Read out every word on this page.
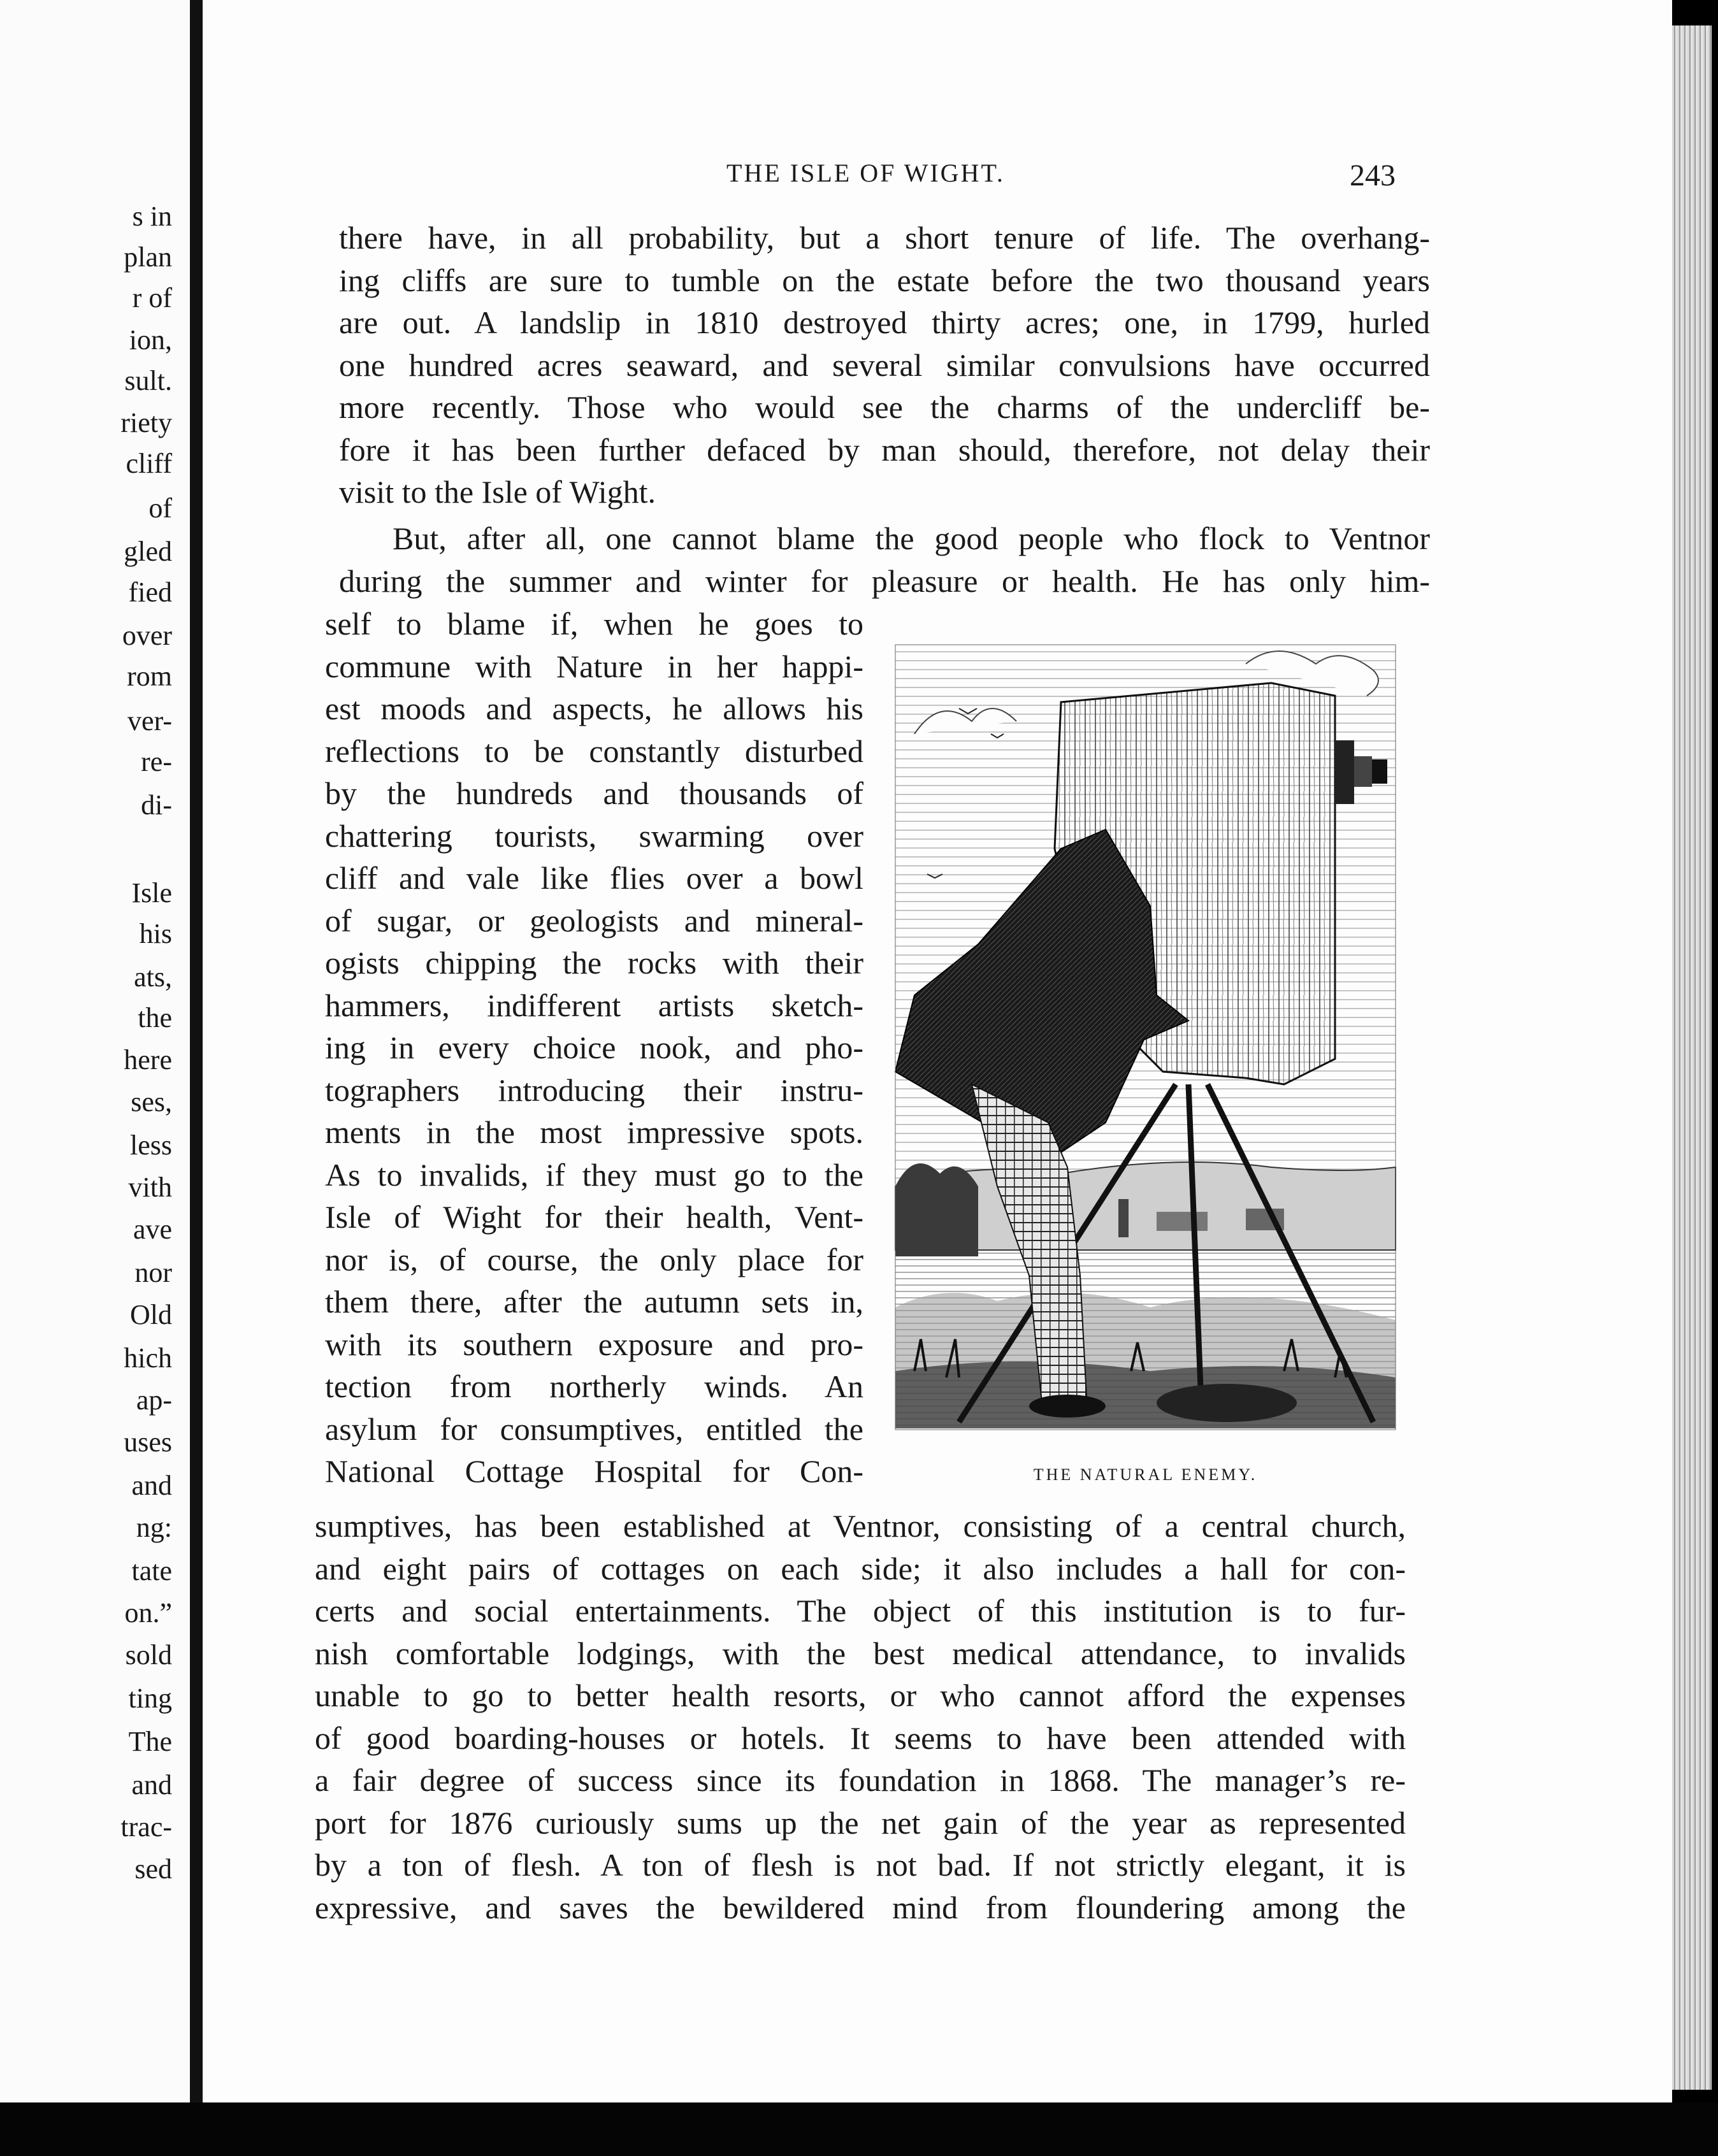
s in
plan
r of
ion,
sult.
riety
cliff
of
gled
fied
over
rom
ver-
re-
di-
Isle
his
ats,
the
here
ses,
less
vith
ave
nor
Old
hich
ap-
uses
and
ng:
tate
on.”
sold
ting
The
and
trac-
sed
THE ISLE OF WIGHT.	243
there have, in all probability, but a short tenure of life. The overhang-
ing cliffs are sure to tumble on the estate before the two thousand years
are out. A landslip in 1810 destroyed thirty acres; one, in 1799, hurled
one hundred acres seaward, and several similar convulsions have occurred
more recently. Those who would see the charms of the undercliff be-
fore it has been further defaced by man should, therefore, not delay their
visit to the Isle of Wight.
But, after all, one cannot blame the good people who flock to Ventnor
during the summer and winter for pleasure or health. He has only him-
self to blame if, when he goes to
commune with Nature in her happi-
est moods and aspects, he allows his
reflections to be constantly disturbed
by the hundreds and thousands of
chattering tourists, swarming over
cliff and vale like flies over a bowl
of sugar, or geologists and mineral-
ogists chipping the rocks with their
hammers, indifferent artists sketch-
ing in every choice nook, and pho-
tographers introducing their instru-
ments in the most impressive spots.
As to invalids, if they must go to the
Isle of Wight for their health, Vent-
nor is, of course, the only place for
them there, after the autumn sets in,
with its southern exposure and pro-
tection from northerly winds. An
asylum for consumptives, entitled the
National Cottage Hospital for Con-
sumptives, has been established at Ventnor, consisting of a central church,
and eight pairs of cottages on each side; it also includes a hall for con-
certs and social entertainments. The object of this institution is to fur-
nish comfortable lodgings, with the best medical attendance, to invalids
unable to go to better health resorts, or who cannot afford the expenses
of good boarding-houses or hotels. It seems to have been attended with
a fair degree of success since its foundation in 1868. The manager’s re-
port for 1876 curiously sums up the net gain of the year as represented
by a ton of flesh. A ton of flesh is not bad. If not strictly elegant, it is
expressive, and saves the bewildered mind from floundering among the
THE NATURAL ENEMY.
